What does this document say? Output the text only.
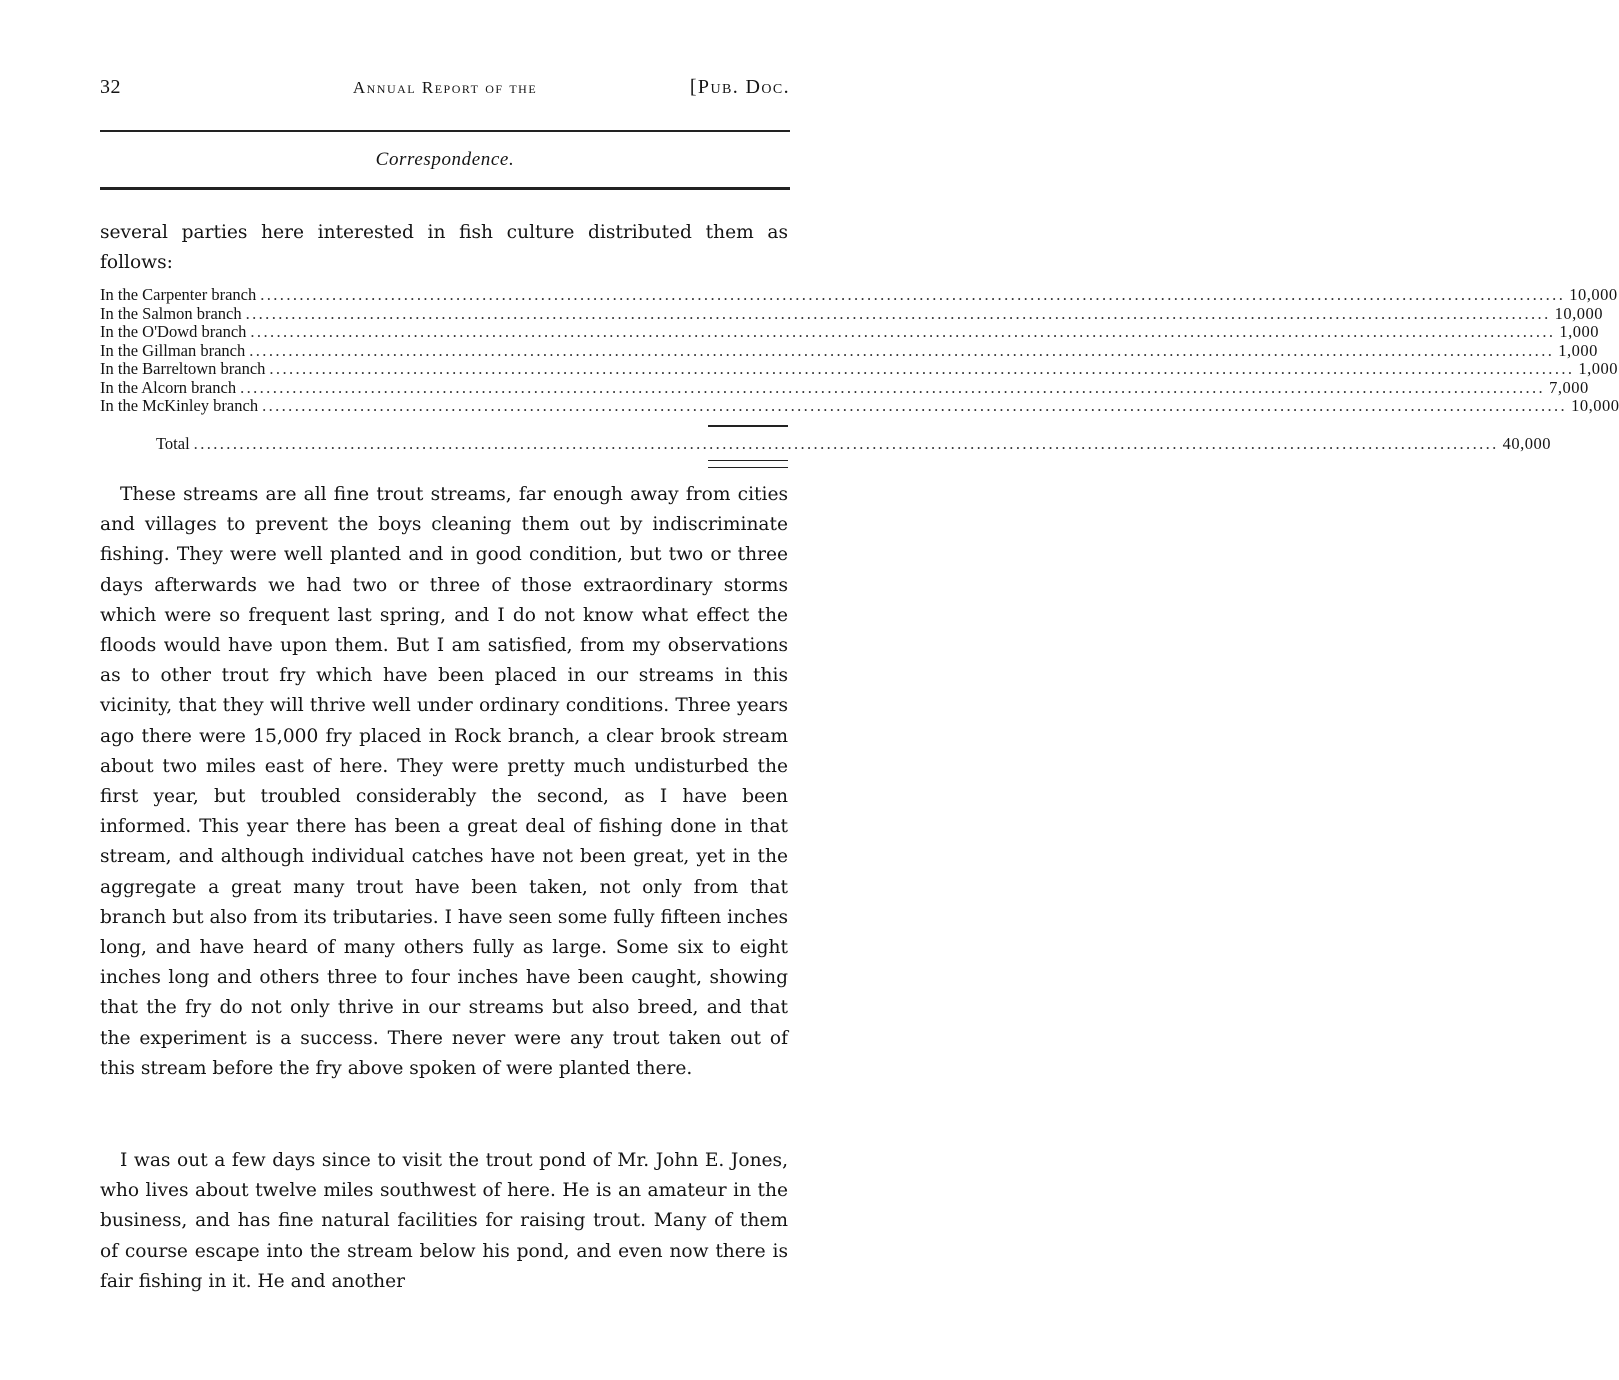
32	Annual Report of the	[Pub. Doc.
Correspondence.

several parties here interested in fish culture distributed them as follows:

In the Carpenter branch ........................................................................................................................................................................................................ 10,000
In the Salmon branch ........................................................................................................................................................................................................ 10,000
In the O'Dowd branch ........................................................................................................................................................................................................ 1,000
In the Gillman branch ........................................................................................................................................................................................................ 1,000
In the Barreltown branch ........................................................................................................................................................................................................ 1,000
In the Alcorn branch ........................................................................................................................................................................................................ 7,000
In the McKinley branch ........................................................................................................................................................................................................ 10,000
Total ........................................................................................................................................................................................................ 40,000

These streams are all fine trout streams, far enough away from cities and villages to prevent the boys cleaning them out by indiscriminate fishing. They were well planted and in good condition, but two or three days afterwards we had two or three of those extraordinary storms which were so frequent last spring, and I do not know what effect the floods would have upon them. But I am satisfied, from my observations as to other trout fry which have been placed in our streams in this vicinity, that they will thrive well under ordinary conditions. Three years ago there were 15,000 fry placed in Rock branch, a clear brook stream about two miles east of here. They were pretty much undisturbed the first year, but troubled considerably the second, as I have been informed. This year there has been a great deal of fishing done in that stream, and although individual catches have not been great, yet in the aggregate a great many trout have been taken, not only from that branch but also from its tributaries. I have seen some fully fifteen inches long, and have heard of many others fully as large. Some six to eight inches long and others three to four inches have been caught, showing that the fry do not only thrive in our streams but also breed, and that the experiment is a success. There never were any trout taken out of this stream before the fry above spoken of were planted there.

I was out a few days since to visit the trout pond of Mr. John E. Jones, who lives about twelve miles southwest of here. He is an amateur in the business, and has fine natural facilities for raising trout. Many of them of course escape into the stream below his pond, and even now there is fair fishing in it. He and another
